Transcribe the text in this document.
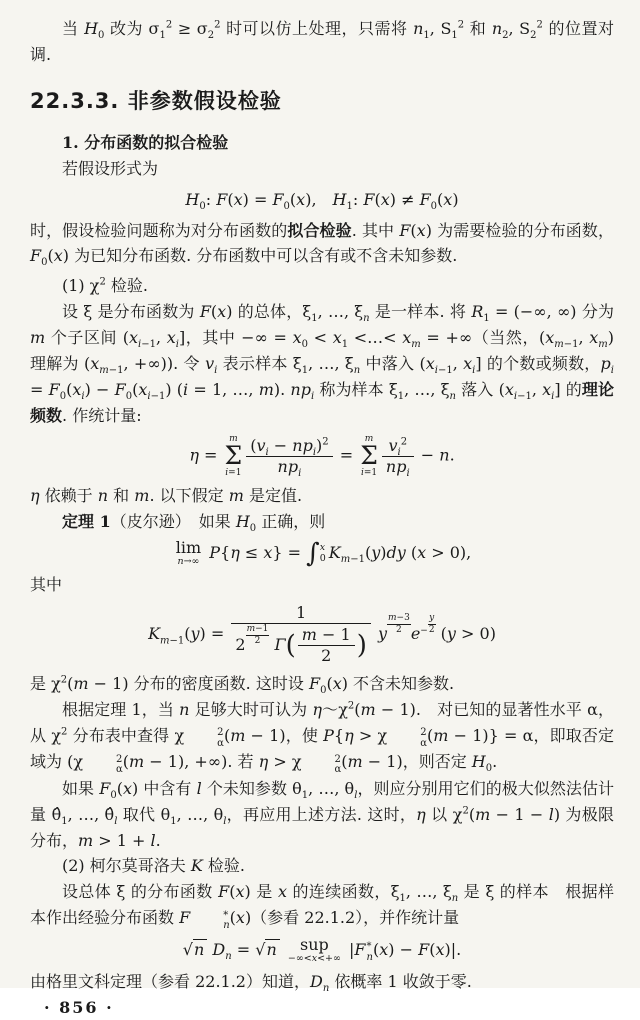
当 $H_0$ 改为 $\sigma_1^2 \ge \sigma_2^2$ 时可以仿上处理，只需将 $n_1$, $S_1^2$ 和 $n_2$, $S_2^2$ 的位置对调.

22.3.3. 非参数假设检验

1. 分布函数的拟合检验

若假设形式为

$H_0$: $F(x) = F_0(x)$, $H_1$: $F(x) \ne F_0(x)$

时，假设检验问题称为对分布函数的拟合检验. 其中 F(x) 为需要检验的分布函数，$F_0(x)$ 为已知分布函数. 分布函数中可以含有或不含未知参数.

(1) $\chi^2$ 检验.

设 ξ 是分布函数为 F(x) 的总体，$\xi_1$, …, $\xi_n$ 是一样本. 将 $R_1$ = (−∞, ∞) 分为 m 个子区间 ($x_{i-1}$, $x_i$]，其中 −∞ = $x_0 < x_1$ <…< $x_m$ = +∞（当然，($x_{m-1}$, $x_m$) 理解为 ($x_{m-1}$, +∞)). 令 $v_i$ 表示样本 $\xi_1$, …, $\xi_n$ 中落入 ($x_{i-1}$, $x_i$] 的个数或频数，$p_i = F_0(x_i) - F_0(x_{i-1}) (i = 1$, …, m). $np_i$ 称为样本 $\xi_1$, …, $\xi_n$ 落入 ($x_{i-1}$, $x_i$] 的理论频数. 作统计量:

η =
m
Σ
$i=1 \frac{(v_i - np_i)^2}{np_i}$ =
m
Σ
$i=1 \frac{v_i^2}{np_i} - n$.

η 依赖于 n 和 m. 以下假定 m 是定值.

定理 1（皮尔逊）　如果 $H_0$ 正确，则

lim
n→∞ P{η ≤ x} = ∫ x
0 $K_{m-1}(y)dy$ (x > 0),

其中

$K_{m-1}(y) = 1$
2 $^{\frac{m-1}{2}}$ $\Gamma( \frac{m - 1}{2}$ ) y $^{\frac{m-3}{2}}$ $e^{- \frac{y}{2}}$ (y > 0)

是 $\chi^2(m - 1)$ 分布的密度函数. 这时设 $F_0(x)$ 不含未知参数.

根据定理 1，当 n 足够大时可认为 $\eta\sim\chi^2(m - 1)$.　对已知的显著性水平 α，从 $\chi^2$ 分布表中查得 χ	2
α (m − 1)，使 P{η > χ	2
α (m − 1)} = α，即取否定域为 (χ	2
α (m − 1), +∞). 若 η > χ	2
α (m − 1)，则否定 $H_0$.

如果 $F_0(x)$ 中含有 l 个未知参数 $\theta_1$, …, $\theta_l$，则应分别用它们的极大似然法估计量 $\thetâ_1$, …, $\thetâ_l$ 取代 $\theta_1$, …, $\theta_l$，再应用上述方法. 这时，η 以 $\chi^2(m - 1 - l)$ 为极限分布，m > 1 + l.

(2) 柯尔莫哥洛夫 K 检验.

设总体 ξ 的分布函数 F(x) 是 x 的连续函数，$\xi_1$, …, $\xi_n$ 是 ξ 的样本　根据样本作出经验分布函数 F	*
n (x)（参看 22.1.2），并作统计量

√n $D_n = √n$	sup
−∞<x<+∞ |F *
n (x) − F(x)|.

由格里文科定理（参看 22.1.2）知道，$D_n$ 依概率 1 收敛于零.

· 856 ·
